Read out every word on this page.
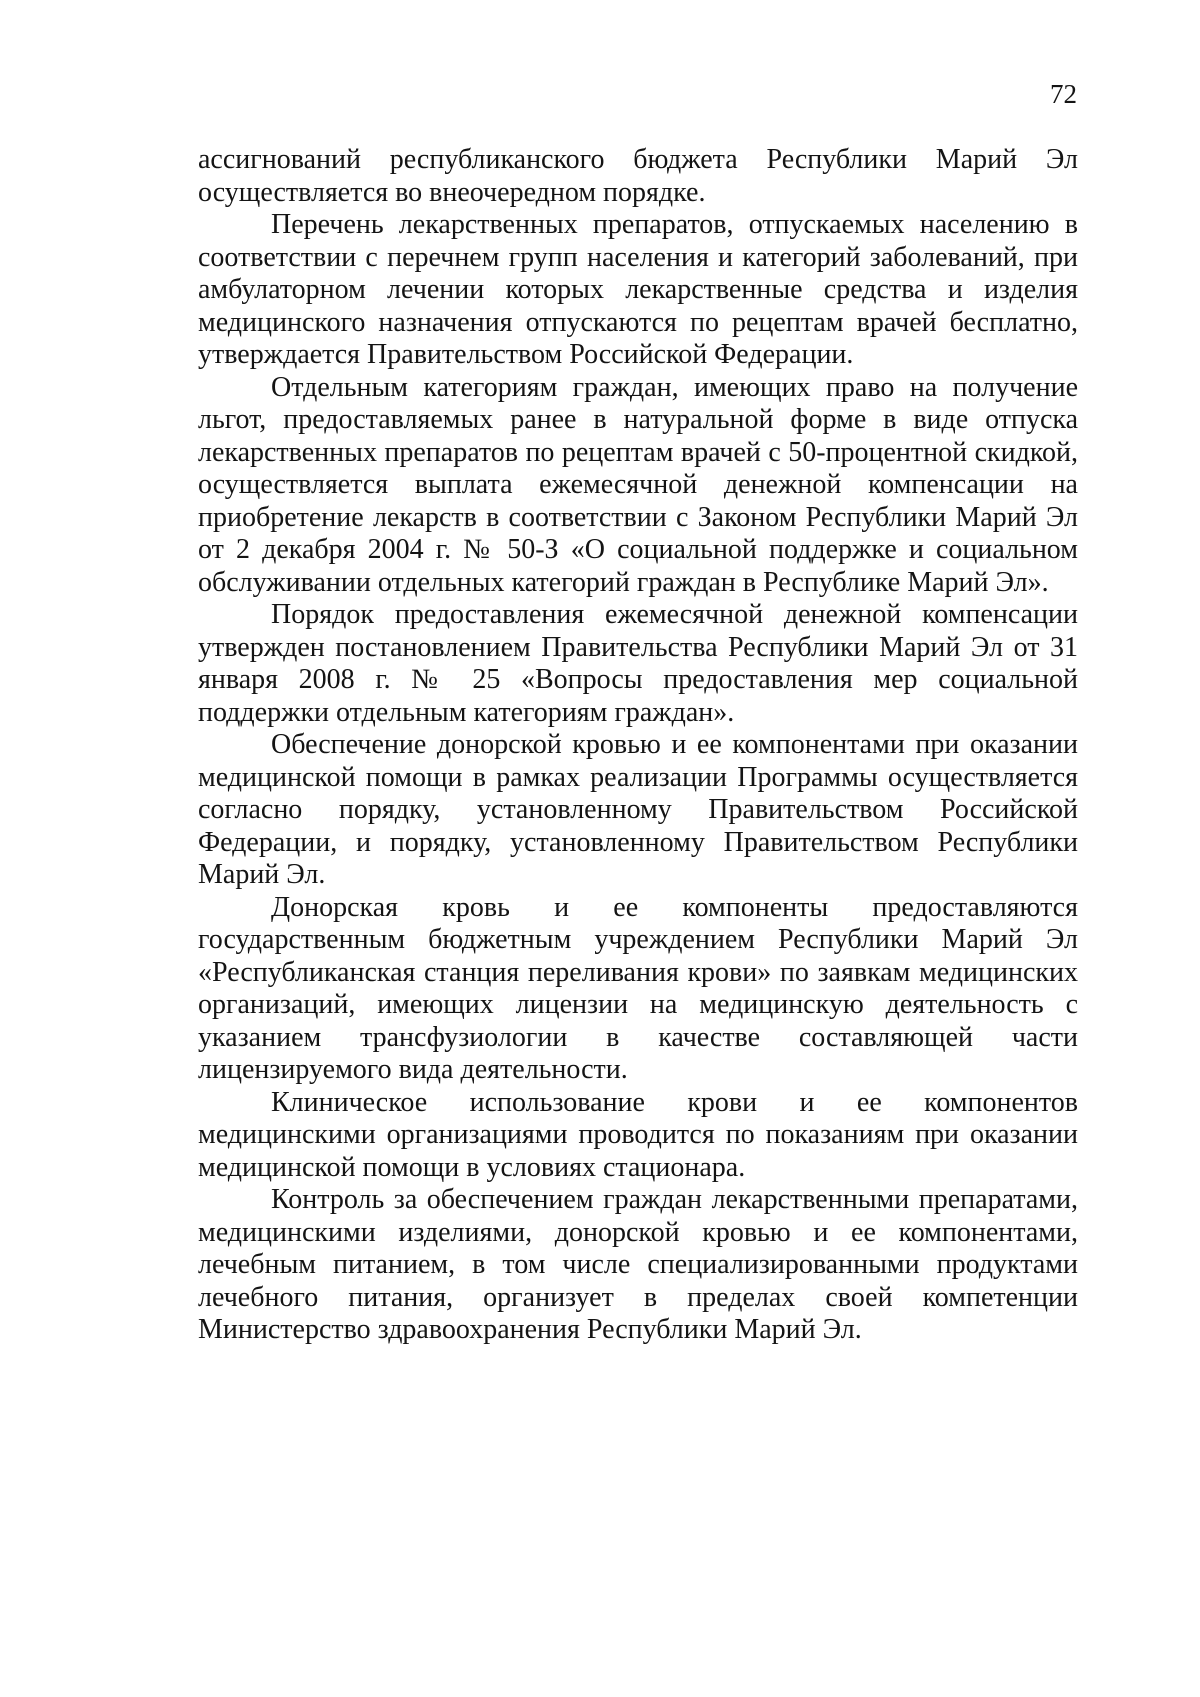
72

ассигнований республиканского бюджета Республики Марий Эл осуществляется во внеочередном порядке.

Перечень лекарственных препаратов, отпускаемых населению в соответствии с перечнем групп населения и категорий заболеваний, при амбулаторном лечении которых лекарственные средства и изделия медицинского назначения отпускаются по рецептам врачей бесплатно, утверждается Правительством Российской Федерации.

Отдельным категориям граждан, имеющих право на получение льгот, предоставляемых ранее в натуральной форме в виде отпуска лекарственных препаратов по рецептам врачей с 50-процентной скидкой, осуществляется выплата ежемесячной денежной компенсации на приобретение лекарств в соответствии с Законом Республики Марий Эл от 2 декабря 2004 г. № 50-З «О социальной поддержке и социальном обслуживании отдельных категорий граждан в Республике Марий Эл».

Порядок предоставления ежемесячной денежной компенсации утвержден постановлением Правительства Республики Марий Эл от 31 января 2008 г. № 25 «Вопросы предоставления мер социальной поддержки отдельным категориям граждан».

Обеспечение донорской кровью и ее компонентами при оказании медицинской помощи в рамках реализации Программы осуществляется согласно порядку, установленному Правительством Российской Федерации, и порядку, установленному Правительством Республики Марий Эл.

Донорская кровь и ее компоненты предоставляются государственным бюджетным учреждением Республики Марий Эл «Республиканская станция переливания крови» по заявкам медицинских организаций, имеющих лицензии на медицинскую деятельность с указанием трансфузиологии в качестве составляющей части лицензируемого вида деятельности.

Клиническое использование крови и ее компонентов медицинскими организациями проводится по показаниям при оказании медицинской помощи в условиях стационара.

Контроль за обеспечением граждан лекарственными препаратами, медицинскими изделиями, донорской кровью и ее компонентами, лечебным питанием, в том числе специализированными продуктами лечебного питания, организует в пределах своей компетенции Министерство здравоохранения Республики Марий Эл.
